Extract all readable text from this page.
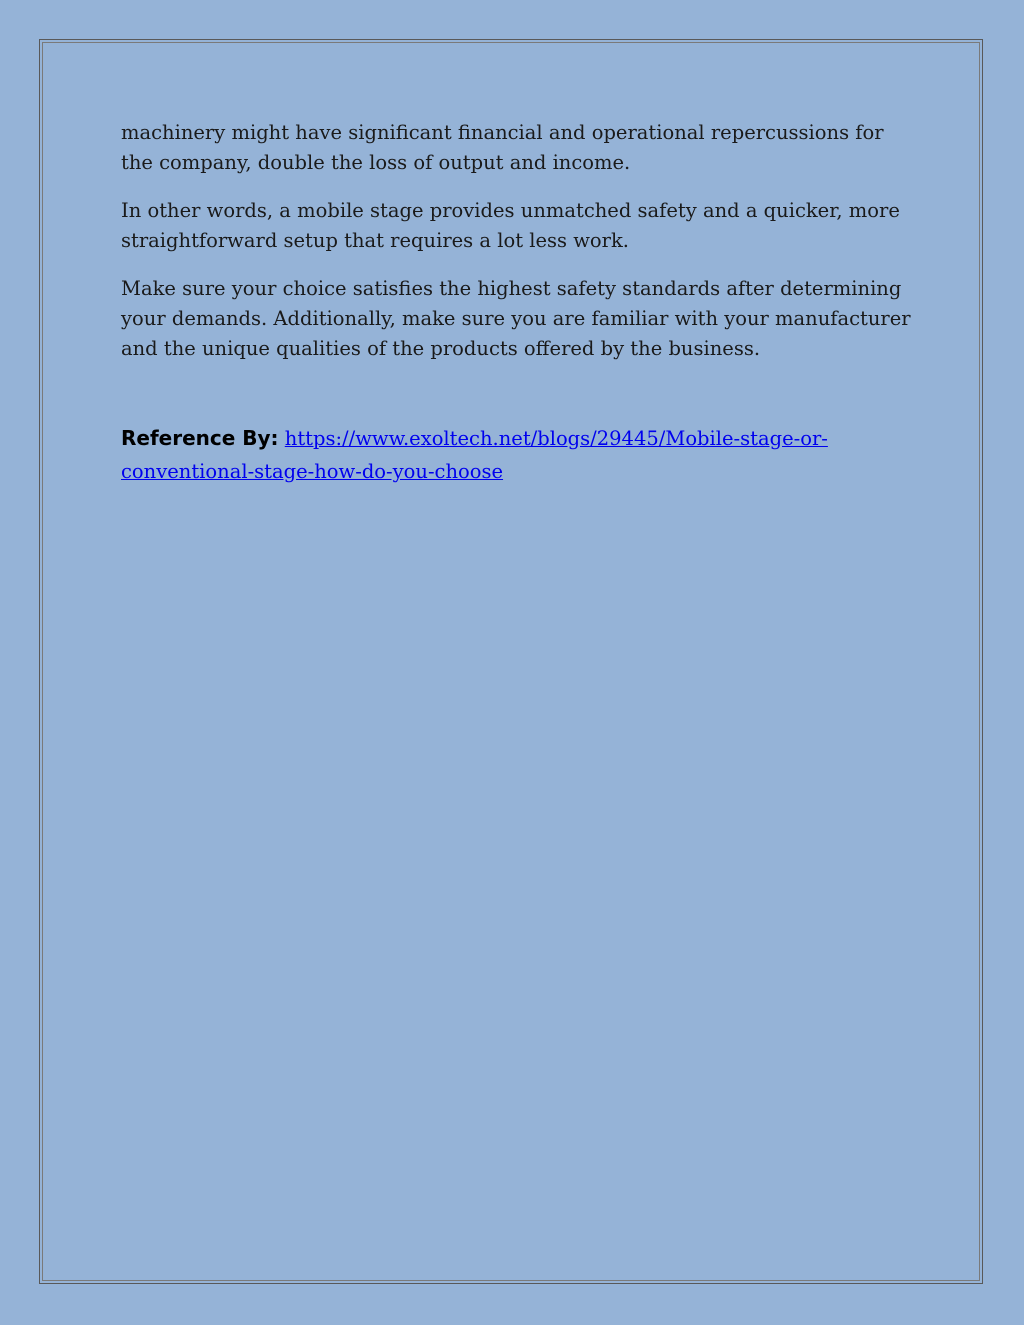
machinery might have significant financial and operational repercussions for the company, double the loss of output and income.

In other words, a mobile stage provides unmatched safety and a quicker, more straightforward setup that requires a lot less work.

Make sure your choice satisfies the highest safety standards after determining your demands. Additionally, make sure you are familiar with your manufacturer and the unique qualities of the products offered by the business.

Reference By: https://www.exoltech.net/blogs/29445/Mobile-stage-or-conventional-stage-how-do-you-choose
